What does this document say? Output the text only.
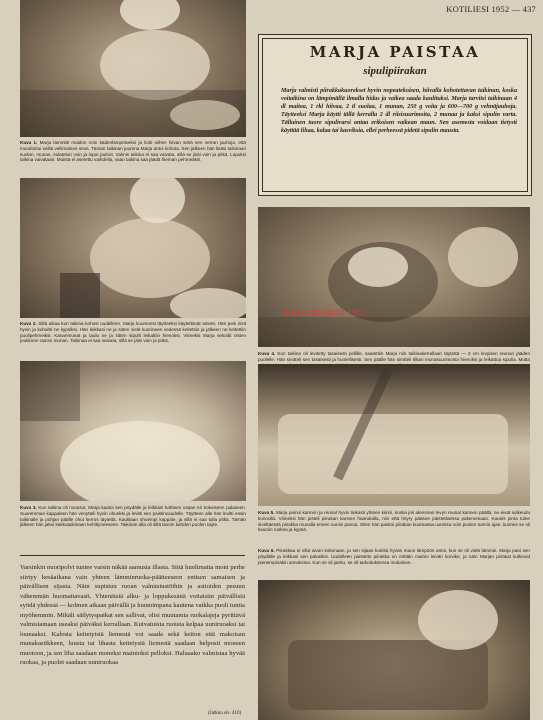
KOTILIESI 1952 — 437
Kuva 1. Marja lämmitti maidon noin kädenlämpöiseksi ja liotti siihen hiivan sekä sen verran jauhoja, että muodostui velliä vellimäinen seos. Tämän taikinan juurena Marja antoi kohota. Sen jälkeen hän lisäsi taikinaan suolan, munan, sulatetun voin ja loput jauhot. Valmis taikina ei saa vaivata, sillä se jäisi voin ja pitkä. Lopuksi taikina vaivataan. Muista ei asetettu vaihdella, vaan taikina saa jäädä hieman pehmeäksi.
MARJA PAISTAA
sipulipiirakan
Marja valmisti piirakkakuorekset hyvin nopeatekoisen, hiivalla kohotettavan taikinan, koska voitaikina on lämpimällä ilmalla hidas ja vaikea saada kaulituksi. Marja tarvitsi taikinaan 4 dl maitoa, 1 rkl hiivaa, 2 tl suolaa, 1 munan, 250 g voita ja 600—700 g vehnäjauhoja. Täytteeksi Marja käytti tällä kerralla 2 dl riisisuurimoita, 2 munaa ja kaksi sipulin varta. Tällainen tuore sipulivarsi antaa erikoisen vaikean maun. Sen asemesta voidaan tietysti käyttää lihaa, kalaa tai kasviksia, ellei perheessä pidetä sipulin mausta.
Kuva 2. Sillä aikaa kun taikina kohosi uudelleen, Marja kuumensi täytteeksi käytettävät aineet. Hän pesi riisit hyvin ja kuhahti ne kypsiksi. Hän leikkasi ne ja sitten vielä kuorineen vedessä keitettiin ja jälkeen ne keitettiin puolipehmeiksi. Kananmunat ja taulu ne ja sitten sipulit leikattiin hienoksi. Viimeksi Marja sekoitti riisien joukkoon raa'an munan. Taikinaa ei saa vaivata, sillä se jäisi voin ja pitkä.
antikvariaatti.net
Kuva 4. Kun taikina oli levitetty tasaisesti pellille, saatettiin Marja niin taikinakerrallaan täytettä — 2 cm levyisen reunan jääden puolelle. Hän sirotteli sen tasaisesti ja huolellisesti. Sen päälle hän sirotteli tilkan munasuurimosta hienoksi ja leikattua sipulia. Mutta
Kuva 3. Kun taikina oli noussut, Marja kaatoi sen pöydälle ja leikkasi kahteen osaan eri kokoiseen palaseen. Suuremman kappaleen hän venytteli hyvin ohueksi ja levitti sen paistinvaudelle. Täytteen alle hän levitti ensin taikinalle ja pohjan päälle ohut kerros täytettä. Kaulitaan ohuempi kappale, ja sillä ei saa tulla pitkä. Tämän jälkeen hän jakoi kakkutaikinaan kehittyneeseen. Taikinan alla oli sillä tavoin kahden puolen täyte.
Kuva 5. Marja painoi kannen ja reunat hyvin tiukasti yhteen kiinni, koska jos alemman levyn reunat kannen päällä, ne eivät sulkeudu kunnolla. Viimeksi hän pisteli piirakan kannen haarukalla, niin että höyry pääsee paistettaessa pakenemaan. Kaunis pinta tulee siveltäessä piirakka munalla ennen uuniin panoa. Siten hän paistoi piirakan kuumassa uunissa noin puolen tunnin ajan, kunnes se oli kauniin ruskea ja kypsä.
Kuva 6. Piirakkaa ei ollut aivan kokonaan, ja sen sijaan kuinka hyvän maun lämpöön antoi, kun se oli vielä lämmin. Marja pani sen pöydälle ja leikkasi sen palasiksi. Uudelleen paistettu piirakka on erittäin mainio leivän korvike, ja näin Marjan piirakat kulkevat pienempinäkin annoksina. Kun se oli jaettu, se oli tarkoituksensa mukainen.
Varsinkin nuoripolvi tuntee varsin näkää aamusta illasta. Siitä huolimatta moni perhe siirtyy kesäaikana vain yhteen lämminruoka-päätteeseen entisen samaisen ja päivällisen sijasta. Näin supistuu ruoan valmistustöihin ja astioiden pesuun vähemmän huomattavasti. Yhtenäisiä alku- ja loppukesänä voitaisiin päivällistä syödä yhdessä — kolmen aikaan päivällä ja kuumimpana kautena vaikka puoli tuntia myöhemmin. Mikäli säilytyspaikat sen sallivat, olisi muutamia ruokalajeja pyrittävä valmistamaan useaksi päiväksi kerrallaan. Kuivatuista ruoista kelpaa uuniruoaksi tai lounaaksi. Kalosta keitetyistä liemestä voi saada sekä keiton että makoisan munakastikkeen, luusta tai lihasta keitetystä liemestä saadaan helposti moneen muotoon, ja sen liha saadaan moneksi mainioksi pelloksi. Haluaako valmistaa hyvää ruokaa, ja puolet saadaan uuniruokaa
(Jatkuu siv. 410)
